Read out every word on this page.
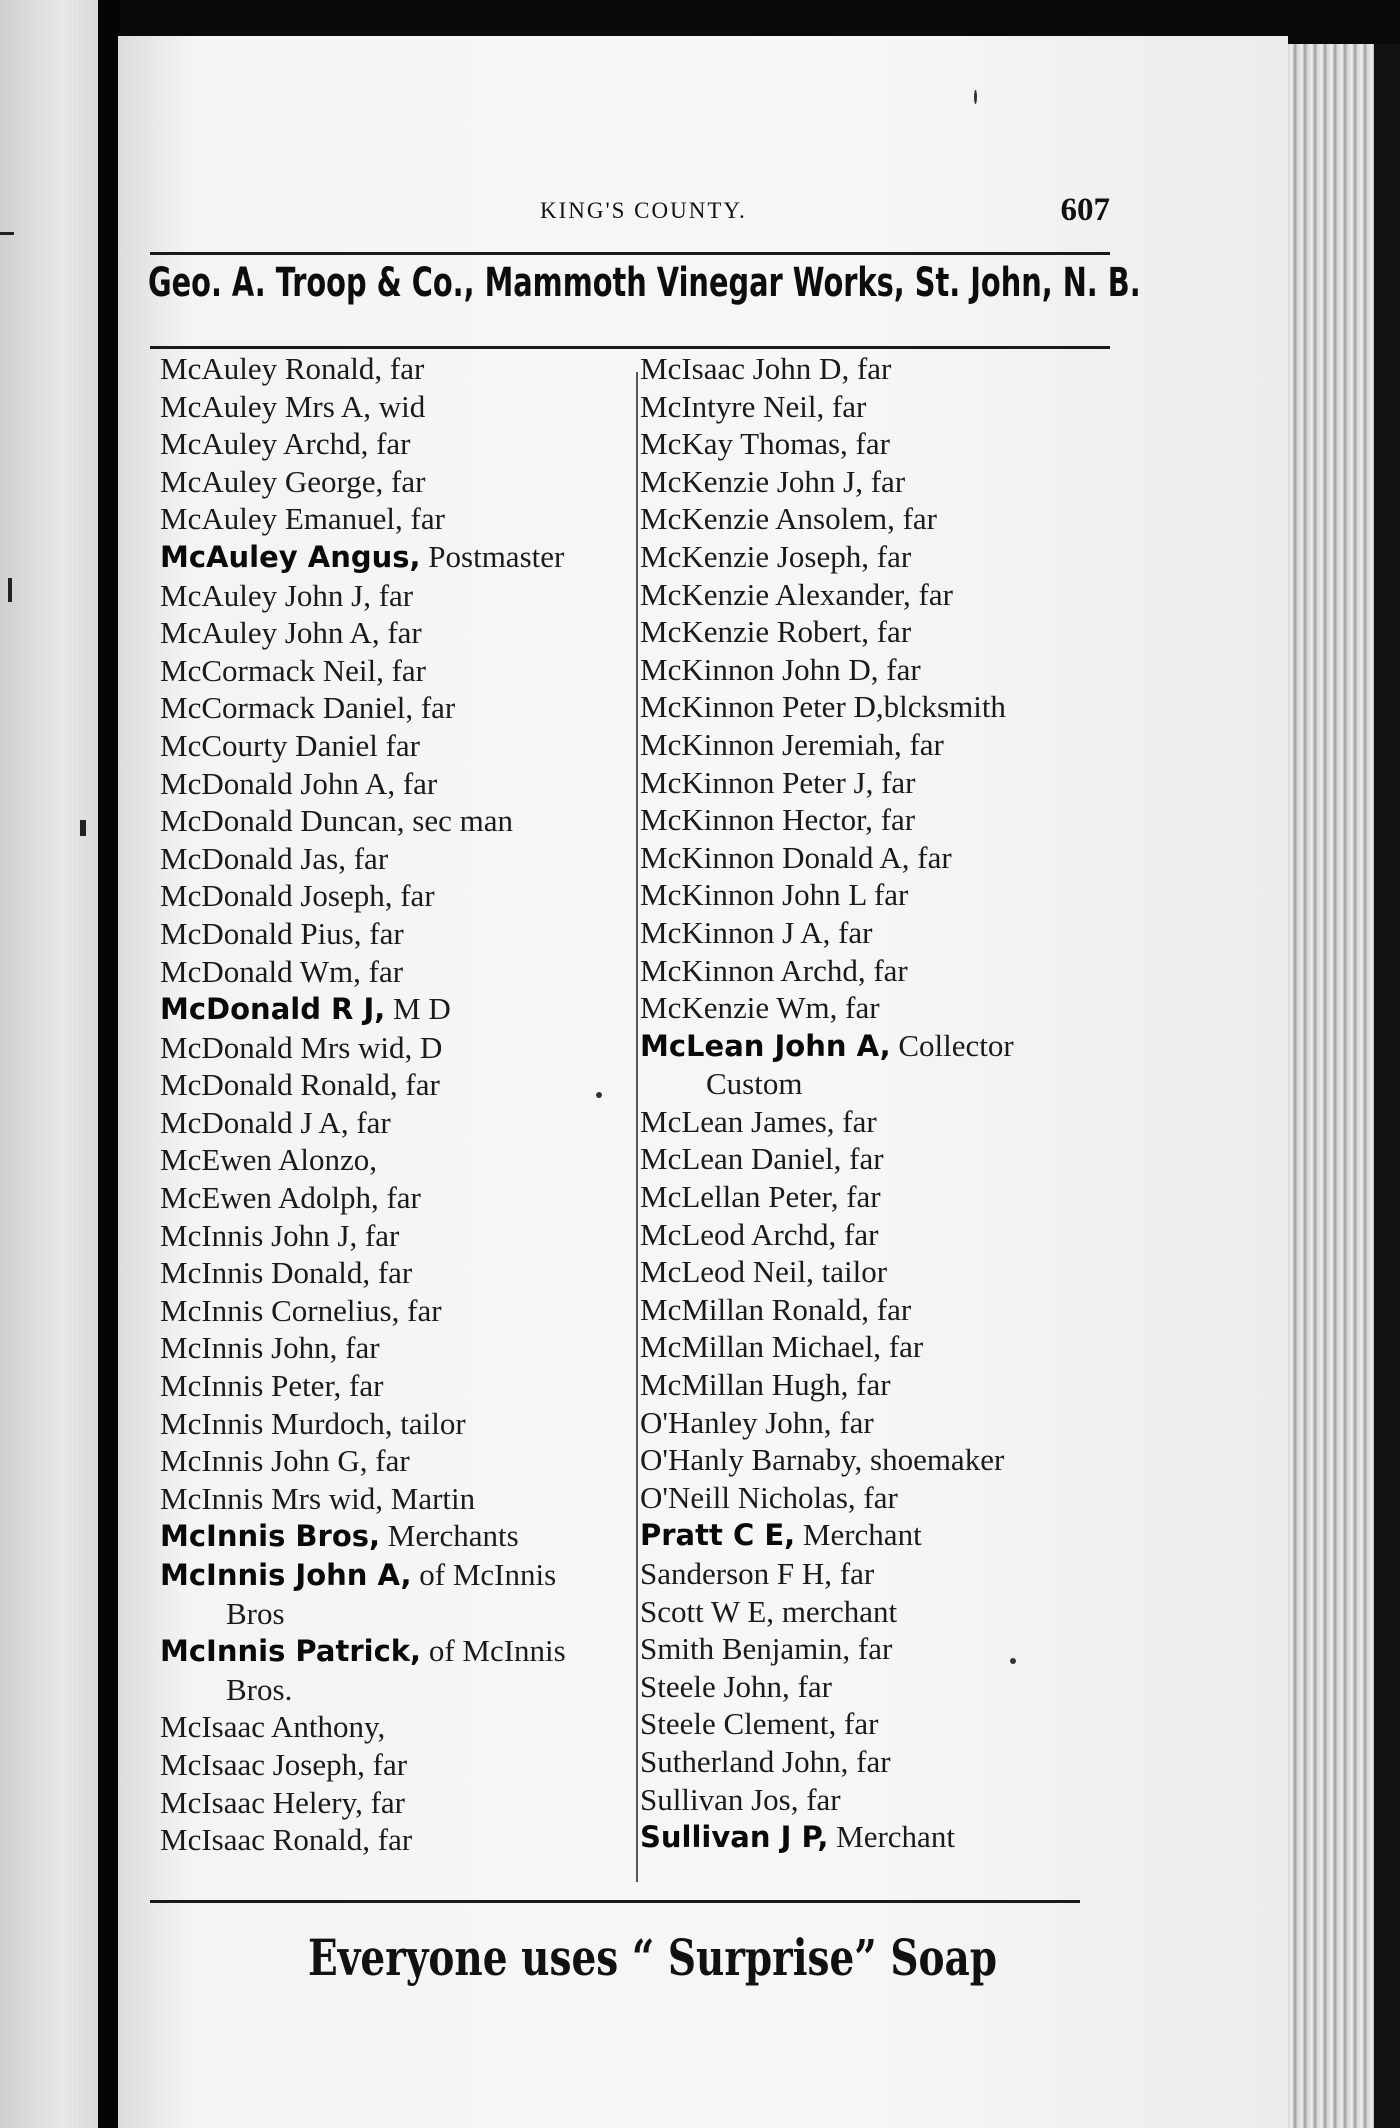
KING'S COUNTY.	607
Geo. A. Troop & Co., Mammoth Vinegar Works, St. John, N. B.
McAuley Ronald, far
McAuley Mrs A, wid
McAuley Archd, far
McAuley George, far
McAuley Emanuel, far
McAuley Angus, Postmaster
McAuley John J, far
McAuley John A, far
McCormack Neil, far
McCormack Daniel, far
McCourty Daniel far
McDonald John A, far
McDonald Duncan, sec man
McDonald Jas, far
McDonald Joseph, far
McDonald Pius, far
McDonald Wm, far
McDonald R J, M D
McDonald Mrs wid, D
McDonald Ronald, far
McDonald J A, far
McEwen Alonzo,
McEwen Adolph, far
McInnis John J, far
McInnis Donald, far
McInnis Cornelius, far
McInnis John, far
McInnis Peter, far
McInnis Murdoch, tailor
McInnis John G, far
McInnis Mrs wid, Martin
McInnis Bros, Merchants
McInnis John A, of McInnis
Bros
McInnis Patrick, of McInnis
Bros.
McIsaac Anthony,
McIsaac Joseph, far
McIsaac Helery, far
McIsaac Ronald, far
McIsaac John D, far
McIntyre Neil, far
McKay Thomas, far
McKenzie John J, far
McKenzie Ansolem, far
McKenzie Joseph, far
McKenzie Alexander, far
McKenzie Robert, far
McKinnon John D, far
McKinnon Peter D,blcksmith
McKinnon Jeremiah, far
McKinnon Peter J, far
McKinnon Hector, far
McKinnon Donald A, far
McKinnon John L far
McKinnon J A, far
McKinnon Archd, far
McKenzie Wm, far
McLean John A, Collector
Custom
McLean James, far
McLean Daniel, far
McLellan Peter, far
McLeod Archd, far
McLeod Neil, tailor
McMillan Ronald, far
McMillan Michael, far
McMillan Hugh, far
O'Hanley John, far
O'Hanly Barnaby, shoemaker
O'Neill Nicholas, far
Pratt C E, Merchant
Sanderson F H, far
Scott W E, merchant
Smith Benjamin, far
Steele John, far
Steele Clement, far
Sutherland John, far
Sullivan Jos, far
Sullivan J P, Merchant
Everyone uses “ Surprise” Soap
